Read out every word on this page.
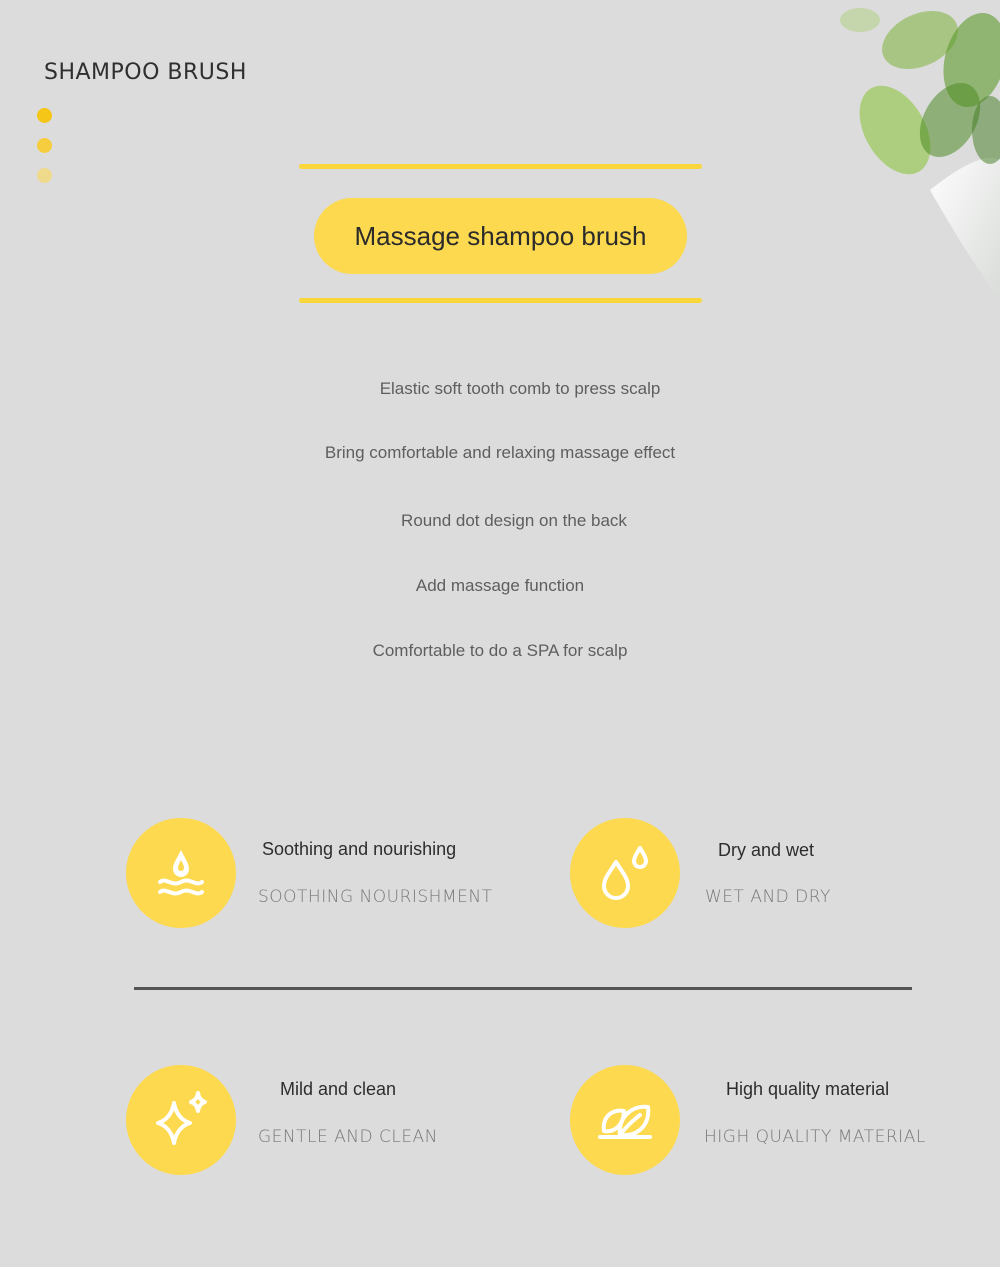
SHAMPOO BRUSH
Massage shampoo brush
Elastic soft tooth comb to press scalp
Bring comfortable and relaxing massage effect
Round dot design on the back
Add massage function
Comfortable to do a SPA for scalp
Soothing and nourishing
SOOTHING NOURISHMENT
Dry and wet
WET AND DRY
Mild and clean
GENTLE AND CLEAN
High quality material
HIGH QUALITY MATERIAL
